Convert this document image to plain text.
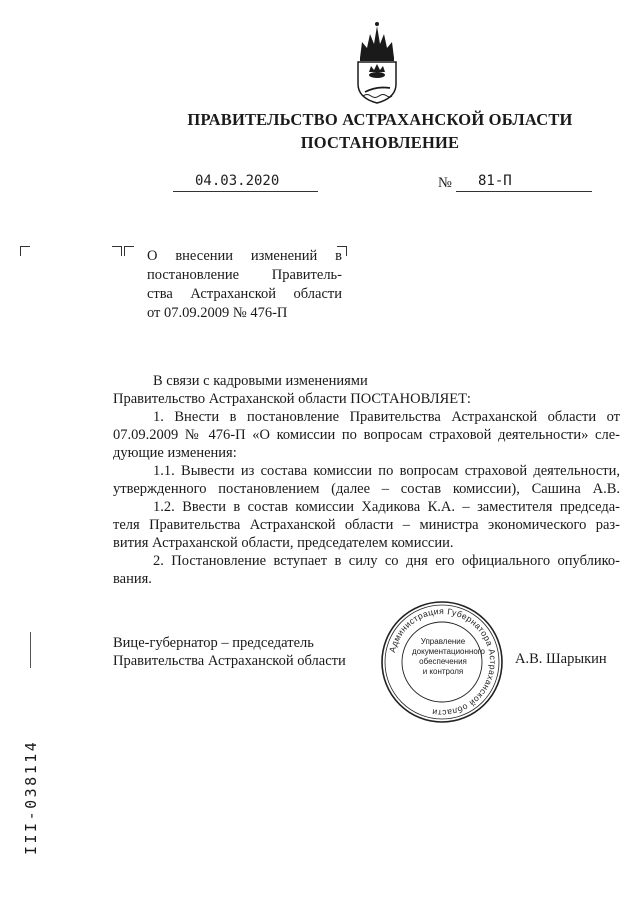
ПРАВИТЕЛЬСТВО АСТРАХАНСКОЙ ОБЛАСТИ
ПОСТАНОВЛЕНИЕ
04.03.2020	№ 81-П
О внесении изменений в
постановление Правитель-
ства Астраханской области
от 07.09.2009 № 476-П
В связи с кадровыми изменениями
Правительство Астраханской области ПОСТАНОВЛЯЕТ:
1. Внести в постановление Правительства Астраханской области от
07.09.2009 № 476-П «О комиссии по вопросам страховой деятельности» сле-
дующие изменения:
1.1. Вывести из состава комиссии по вопросам страховой деятельности,
утвержденного постановлением (далее – состав комиссии), Сашина А.В.
1.2. Ввести в состав комиссии Хадикова К.А. – заместителя председа-
теля Правительства Астраханской области – министра экономического раз-
вития Астраханской области, председателем комиссии.
2. Постановление вступает в силу со дня его официального опублико-
вания.
Вице-губернатор – председатель
Правительства Астраханской области	А.В. Шарыкин
Администрация Губернатора Астраханской области
Управление
документационного
обеспечения
и контроля
III-038114
